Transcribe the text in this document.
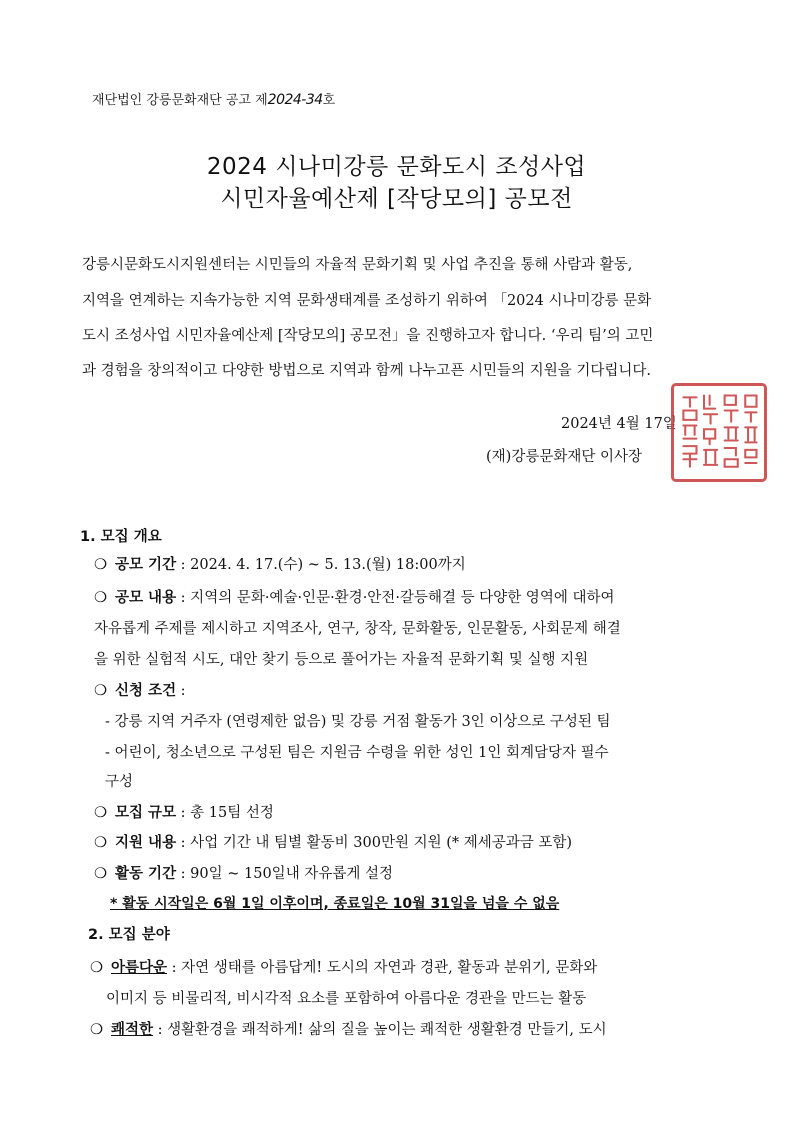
재단법인 강릉문화재단 공고 제2024-34호
2024 시나미강릉 문화도시 조성사업
시민자율예산제 [작당모의] 공모전
강릉시문화도시지원센터는 시민들의 자율적 문화기획 및 사업 추진을 통해 사람과 활동,
지역을 연계하는 지속가능한 지역 문화생태계를 조성하기 위하여 「2024 시나미강릉 문화
도시 조성사업 시민자율예산제 [작당모의] 공모전」을 진행하고자 합니다. ‘우리 팀’의 고민
과 경험을 창의적이고 다양한 방법으로 지역과 함께 나누고픈 시민들의 지원을 기다립니다.
2024년 4월 17일
(재)강릉문화재단 이사장
1. 모집 개요
❍ 공모 기간 : 2024. 4. 17.(수) ~ 5. 13.(월) 18:00까지
❍ 공모 내용 : 지역의 문화·예술·인문·환경·안전·갈등해결 등 다양한 영역에 대하여
자유롭게 주제를 제시하고 지역조사, 연구, 창작, 문화활동, 인문활동, 사회문제 해결
을 위한 실험적 시도, 대안 찾기 등으로 풀어가는 자율적 문화기획 및 실행 지원
❍ 신청 조건 :
- 강릉 지역 거주자 (연령제한 없음) 및 강릉 거점 활동가 3인 이상으로 구성된 팀
- 어린이, 청소년으로 구성된 팀은 지원금 수령을 위한 성인 1인 회계담당자 필수
구성
❍ 모집 규모 : 총 15팀 선정
❍ 지원 내용 : 사업 기간 내 팀별 활동비 300만원 지원 (* 제세공과금 포함)
❍ 활동 기간 : 90일 ~ 150일내 자유롭게 설정
* 활동 시작일은 6월 1일 이후이며, 종료일은 10월 31일을 넘을 수 없음
2. 모집 분야
❍ 아름다운 : 자연 생태를 아름답게! 도시의 자연과 경관, 활동과 분위기, 문화와
이미지 등 비물리적, 비시각적 요소를 포함하여 아름다운 경관을 만드는 활동
❍ 쾌적한 : 생활환경을 쾌적하게! 삶의 질을 높이는 쾌적한 생활환경 만들기, 도시
